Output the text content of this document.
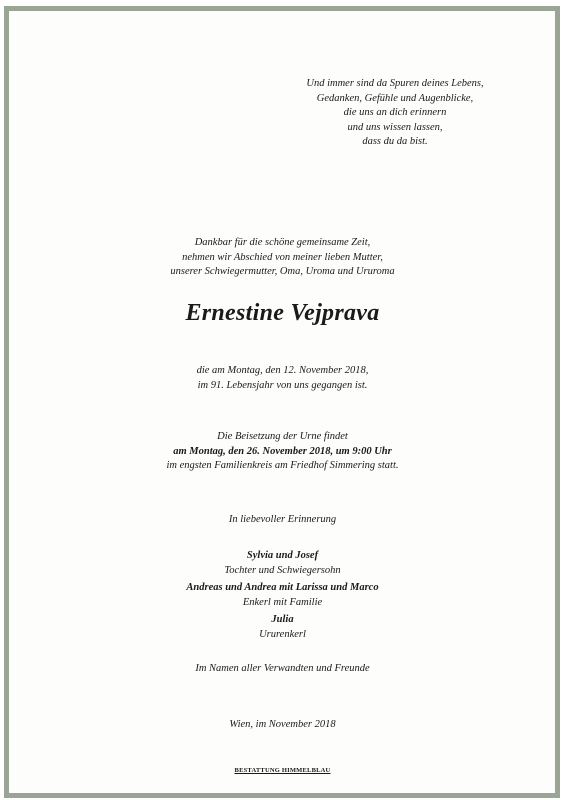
Und immer sind da Spuren deines Lebens,
Gedanken, Gefühle und Augenblicke,
die uns an dich erinnern
und uns wissen lassen,
dass du da bist.
Dankbar für die schöne gemeinsame Zeit,
nehmen wir Abschied von meiner lieben Mutter,
unserer Schwiegermutter, Oma, Uroma und Ururoma
Ernestine Vejprava
die am Montag, den 12. November 2018,
im 91. Lebensjahr von uns gegangen ist.
Die Beisetzung der Urne findet
am Montag, den 26. November 2018, um 9:00 Uhr
im engsten Familienkreis am Friedhof Simmering statt.
In liebevoller Erinnerung
Sylvia und Josef
Tochter und Schwiegersohn
Andreas und Andrea mit Larissa und Marco
Enkerl mit Familie
Julia
Ururenkerl
Im Namen aller Verwandten und Freunde
Wien, im November 2018
BESTATTUNG HIMMELBLAU
